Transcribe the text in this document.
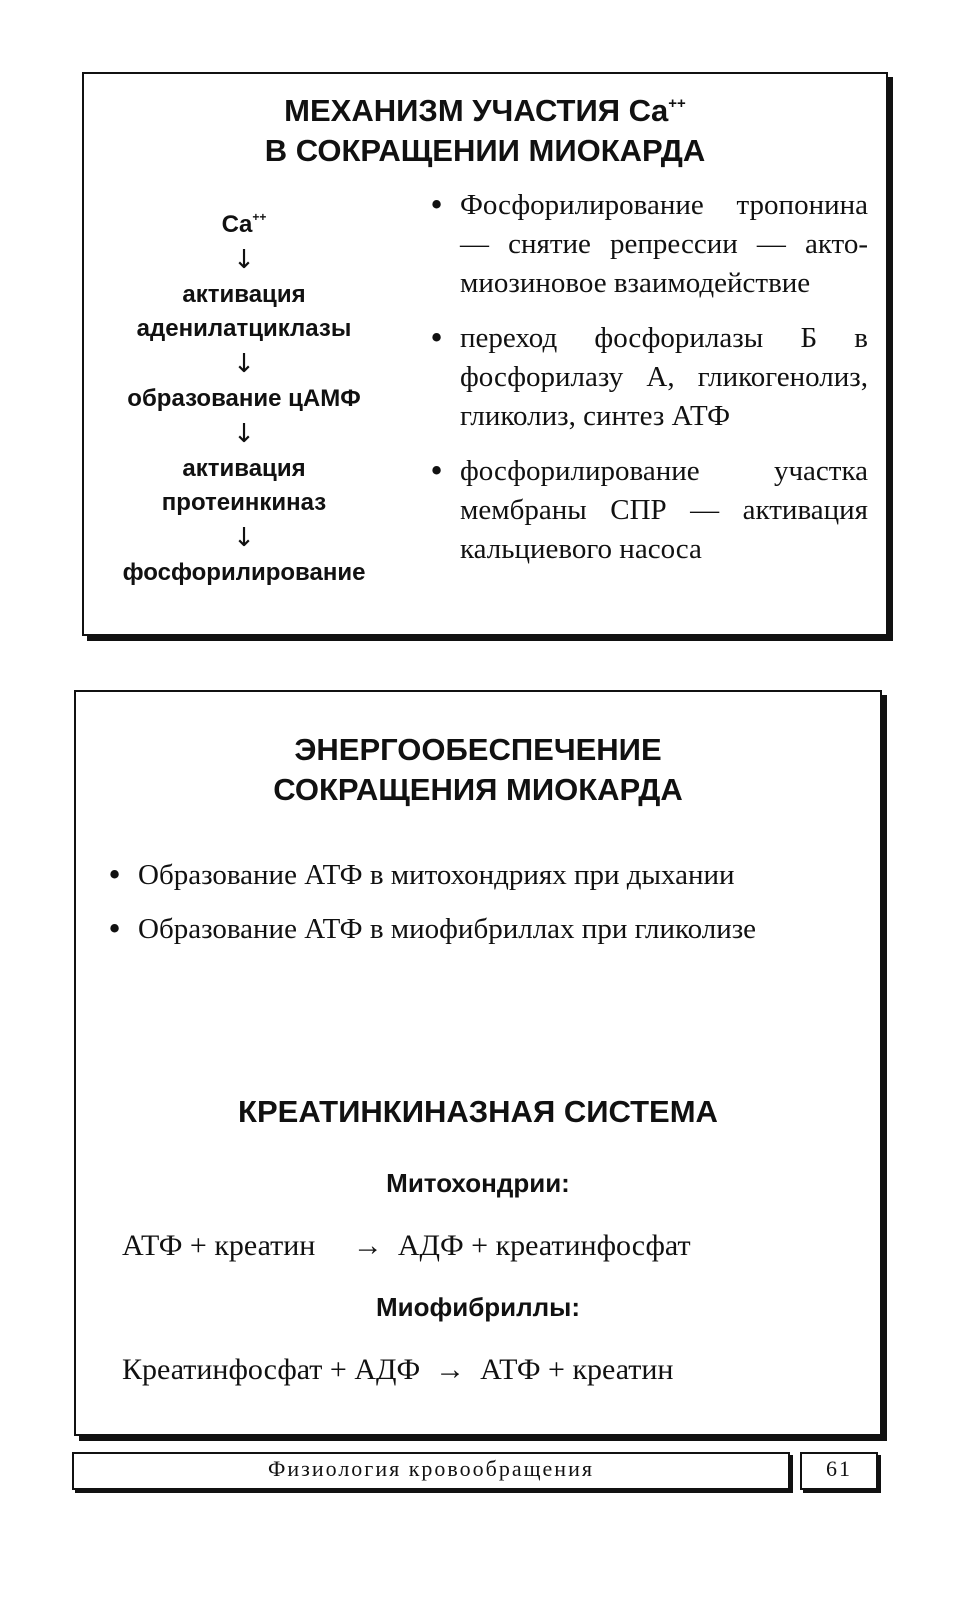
МЕХАНИЗМ УЧАСТИЯ Ca++
В СОКРАЩЕНИИ МИОКАРДА
Ca++
↓
активация
аденилатциклазы
↓
образование цАМФ
↓
активация
протеинкиназ
↓
фосфорилирование
• Фосфорилирование тропонина — снятие репрессии — акто-миозиновое взаимодействие
• переход фосфорилазы Б в фосфорилазу А, гликогенолиз, гликолиз, синтез АТФ
• фосфорилирование участка мембраны СПР — активация кальциевого насоса
ЭНЕРГООБЕСПЕЧЕНИЕ
СОКРАЩЕНИЯ МИОКАРДА
• Образование АТФ в митохондриях при дыхании
• Образование АТФ в миофибриллах при гликолизе
КРЕАТИНКИНАЗНАЯ СИСТЕМА
Митохондрии:
АТФ + креатин     →  АДФ + креатинфосфат
Миофибриллы:
Креатинфосфат + АДФ  →  АТФ + креатин
Физиология кровообращения	61
